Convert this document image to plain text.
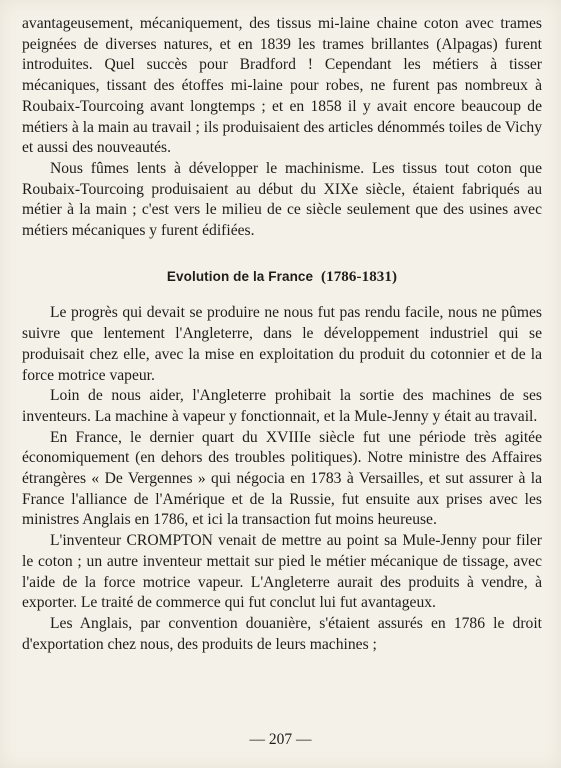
avantageusement, mécaniquement, des tissus mi-laine chaine coton avec trames peignées de diverses natures, et en 1839 les trames brillantes (Alpagas) furent introduites. Quel succès pour Bradford ! Cependant les métiers à tisser mécaniques, tissant des étoffes mi-laine pour robes, ne furent pas nombreux à Roubaix-Tourcoing avant longtemps ; et en 1858 il y avait encore beaucoup de métiers à la main au travail ; ils produisaient des articles dénommés toiles de Vichy et aussi des nouveautés.

Nous fûmes lents à développer le machinisme. Les tissus tout coton que Roubaix-Tourcoing produisaient au début du XIXe siècle, étaient fabriqués au métier à la main ; c'est vers le milieu de ce siècle seulement que des usines avec métiers mécaniques y furent édifiées.

Evolution de la France (1786-1831)

Le progrès qui devait se produire ne nous fut pas rendu facile, nous ne pûmes suivre que lentement l'Angleterre, dans le développement industriel qui se produisait chez elle, avec la mise en exploitation du produit du cotonnier et de la force motrice vapeur.

Loin de nous aider, l'Angleterre prohibait la sortie des machines de ses inventeurs. La machine à vapeur y fonctionnait, et la Mule-Jenny y était au travail.

En France, le dernier quart du XVIIIe siècle fut une période très agitée économiquement (en dehors des troubles politiques). Notre ministre des Affaires étrangères « De Vergennes » qui négocia en 1783 à Versailles, et sut assurer à la France l'alliance de l'Amérique et de la Russie, fut ensuite aux prises avec les ministres Anglais en 1786, et ici la transaction fut moins heureuse.

L'inventeur CROMPTON venait de mettre au point sa Mule-Jenny pour filer le coton ; un autre inventeur mettait sur pied le métier mécanique de tissage, avec l'aide de la force motrice vapeur. L'Angleterre aurait des produits à vendre, à exporter. Le traité de commerce qui fut conclut lui fut avantageux.

Les Anglais, par convention douanière, s'étaient assurés en 1786 le droit d'exportation chez nous, des produits de leurs machines ;

— 207 —
